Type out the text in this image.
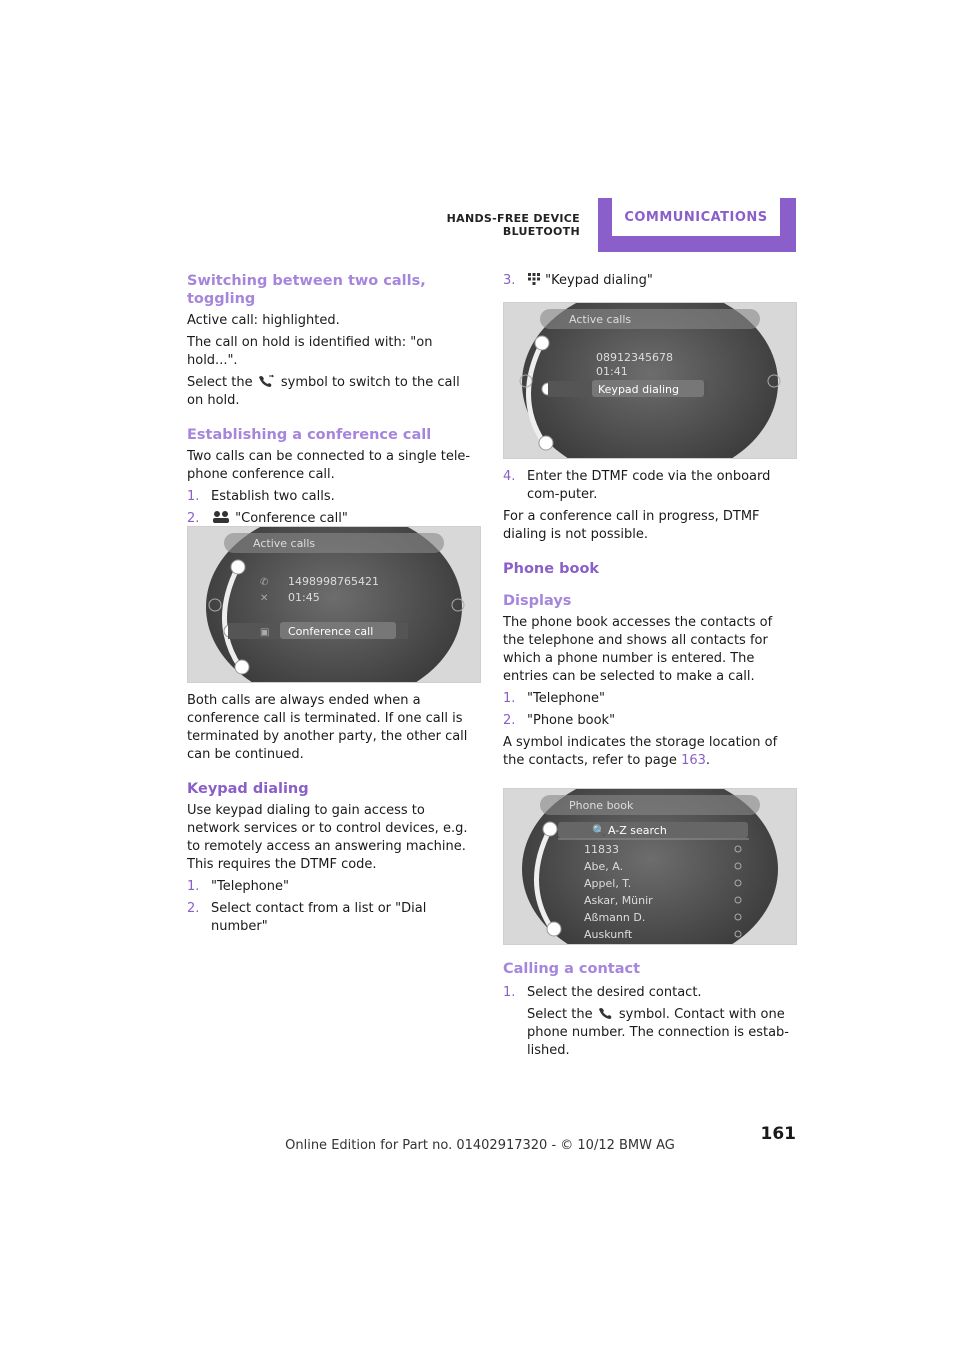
HANDS-FREE DEVICE BLUETOOTH
COMMUNICATIONS
Switching between two calls, toggling

Active call: highlighted.

The call on hold is identified with: "on hold...".

Select the symbol to switch to the call on hold.

Establishing a conference call

Two calls can be connected to a single tele-phone conference call.

1. Establish two calls.
2.	"Conference call"
Active calls
1498998765421
01:45
Conference call
✆
✕
▣

Both calls are always ended when a conference call is terminated. If one call is terminated by another party, the other call can be continued.

Keypad dialing

Use keypad dialing to gain access to network services or to control devices, e.g. to remotely access an answering machine. This requires the DTMF code.

1. "Telephone"
2. Select contact from a list or "Dial number"
3.	"Keypad dialing"
Active calls
08912345678
01:41
Keypad dialing
4. Enter the DTMF code via the onboard com-puter.

For a conference call in progress, DTMF dialing is not possible.

Phone book
Displays

The phone book accesses the contacts of the telephone and shows all contacts for which a phone number is entered. The entries can be selected to make a call.

1. "Telephone"
2. "Phone book"

A symbol indicates the storage location of the contacts, refer to page 163.

Phone book
🔍 A-Z search
11833
Abe, A.
Appel, T.
Askar, Münir
Aßmann D.
Auskunft
Calling a contact
1. Select the desired contact.
Select the symbol. Contact with one phone number. The connection is estab-lished.
161
Online Edition for Part no. 01402917320 - © 10/12 BMW AG
